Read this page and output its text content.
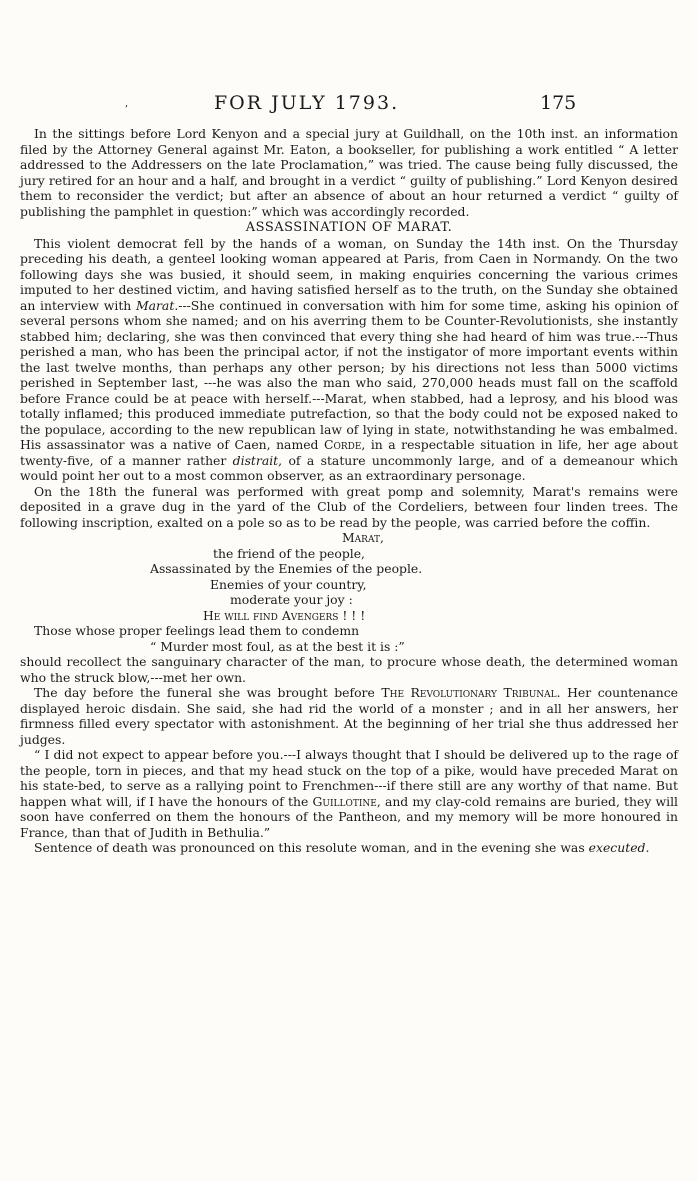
,	FOR JULY 1793.	175

In the sittings before Lord Kenyon and a special jury at Guildhall, on the 10th inst. an information filed by the Attorney General against Mr. Eaton, a bookseller, for publishing a work entitled “ A letter addressed to the Addressers on the late Proclamation,” was tried. The cause being fully discussed, the jury retired for an hour and a half, and brought in a verdict “ guilty of publishing.” Lord Kenyon desired them to reconsider the verdict; but after an absence of about an hour returned a verdict “ guilty of publishing the pamphlet in question:” which was accordingly recorded.

ASSASSINATION OF MARAT.

This violent democrat fell by the hands of a woman, on Sunday the 14th inst. On the Thursday preceding his death, a genteel looking woman appeared at Paris, from Caen in Normandy. On the two following days she was busied, it should seem, in making enquiries concerning the various crimes imputed to her destined victim, and having satisfied herself as to the truth, on the Sunday she obtained an interview with Marat.---She continued in conversation with him for some time, asking his opinion of several persons whom she named; and on his averring them to be Counter-Revolutionists, she instantly stabbed him; declaring, she was then convinced that every thing she had heard of him was true.---Thus perished a man, who has been the principal actor, if not the instigator of more important events within the last twelve months, than perhaps any other person; by his directions not less than 5000 victims perished in September last, ---he was also the man who said, 270,000 heads must fall on the scaffold before France could be at peace with herself.---Marat, when stabbed, had a leprosy, and his blood was totally inflamed; this produced immediate putrefaction, so that the body could not be exposed naked to the populace, according to the new republican law of lying in state, notwithstanding he was embalmed. His assassinator was a native of Caen, named Corde, in a respectable situation in life, her age about twenty-five, of a manner rather distrait, of a stature uncommonly large, and of a demeanour which would point her out to a most common observer, as an extraordinary personage.

On the 18th the funeral was performed with great pomp and solemnity, Marat's remains were deposited in a grave dug in the yard of the Club of the Cordeliers, between four linden trees. The following inscription, exalted on a pole so as to be read by the people, was carried before the coffin.

Marat,

the friend of the people,

Assassinated by the Enemies of the people.

Enemies of your country,

moderate your joy :

He will find Avengers ! ! !

Those whose proper feelings lead them to condemn

“ Murder most foul, as at the best it is :”

should recollect the sanguinary character of the man, to procure whose death, the determined woman who the struck blow,---met her own.

The day before the funeral she was brought before The Revolutionary Tribunal. Her countenance displayed heroic disdain. She said, she had rid the world of a monster ; and in all her answers, her firmness filled every spectator with astonishment. At the beginning of her trial she thus addressed her judges.

“ I did not expect to appear before you.---I always thought that I should be delivered up to the rage of the people, torn in pieces, and that my head stuck on the top of a pike, would have preceded Marat on his state-bed, to serve as a rallying point to Frenchmen---if there still are any worthy of that name. But happen what will, if I have the honours of the Guillotine, and my clay-cold remains are buried, they will soon have conferred on them the honours of the Pantheon, and my memory will be more honoured in France, than that of Judith in Bethulia.”

Sentence of death was pronounced on this resolute woman, and in the evening she was executed.
